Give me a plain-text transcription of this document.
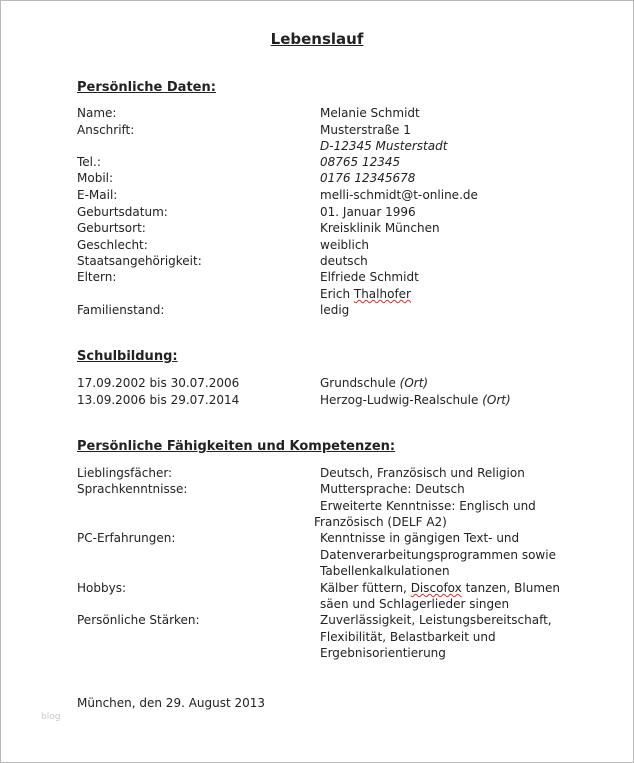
Lebenslauf
Persönliche Daten:
Name:	Melanie Schmidt
Anschrift:	Musterstraße 1
D-12345 Musterstadt
Tel.:	08765 12345
Mobil:	0176 12345678
E-Mail:	melli-schmidt@t-online.de
Geburtsdatum:	01. Januar 1996
Geburtsort:	Kreisklinik München
Geschlecht:	weiblich
Staatsangehörigkeit:	deutsch
Eltern:	Elfriede Schmidt
Erich Thalhofer
Familienstand:	ledig
Schulbildung:
17.09.2002 bis 30.07.2006	Grundschule (Ort)
13.09.2006 bis 29.07.2014	Herzog-Ludwig-Realschule (Ort)
Persönliche Fähigkeiten und Kompetenzen:
Lieblingsfächer:	Deutsch, Französisch und Religion
Sprachkenntnisse:	Muttersprache: Deutsch
Erweiterte Kenntnisse: Englisch und
Französisch (DELF A2)
PC-Erfahrungen:	Kenntnisse in gängigen Text- und
Datenverarbeitungsprogrammen sowie
Tabellenkalkulationen
Hobbys:	Kälber füttern, Discofox tanzen, Blumen
säen und Schlagerlieder singen
Persönliche Stärken:	Zuverlässigkeit, Leistungsbereitschaft,
Flexibilität, Belastbarkeit und
Ergebnisorientierung
München, den 29. August 2013
blog
